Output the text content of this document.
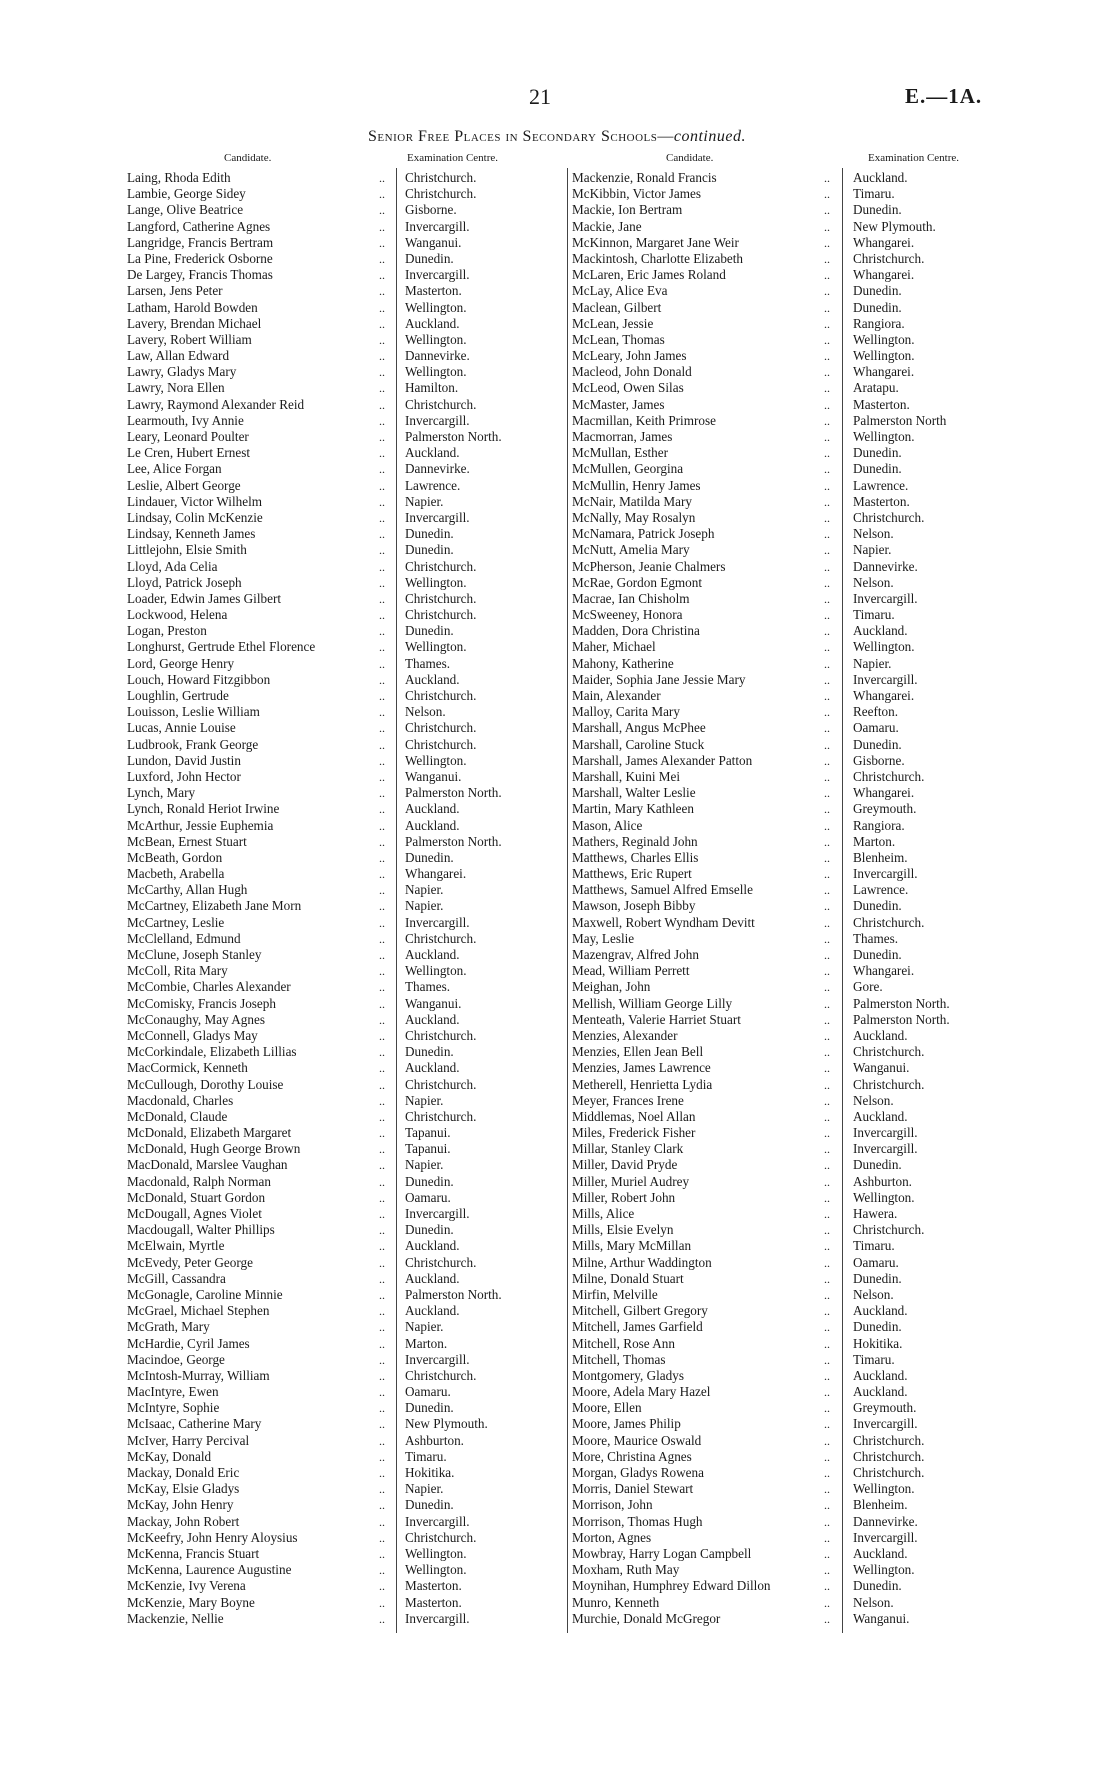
21	E.—1A.
Senior Free Places in Secondary Schools—continued.
Candidate.	Examination Centre.	Candidate.	Examination Centre.
Laing, Rhoda Edith	.. Christchurch.
Lambie, George Sidey	.. Christchurch.
Lange, Olive Beatrice	.. Gisborne.
Langford, Catherine Agnes	.. Invercargill.
Langridge, Francis Bertram	.. Wanganui.
La Pine, Frederick Osborne	.. Dunedin.
De Largey, Francis Thomas	.. Invercargill.
Larsen, Jens Peter	.. Masterton.
Latham, Harold Bowden	.. Wellington.
Lavery, Brendan Michael	.. Auckland.
Lavery, Robert William	.. Wellington.
Law, Allan Edward	.. Dannevirke.
Lawry, Gladys Mary	.. Wellington.
Lawry, Nora Ellen	.. Hamilton.
Lawry, Raymond Alexander Reid	.. Christchurch.
Learmouth, Ivy Annie	.. Invercargill.
Leary, Leonard Poulter	.. Palmerston North.
Le Cren, Hubert Ernest	.. Auckland.
Lee, Alice Forgan	.. Dannevirke.
Leslie, Albert George	.. Lawrence.
Lindauer, Victor Wilhelm	.. Napier.
Lindsay, Colin McKenzie	.. Invercargill.
Lindsay, Kenneth James	.. Dunedin.
Littlejohn, Elsie Smith	.. Dunedin.
Lloyd, Ada Celia	.. Christchurch.
Lloyd, Patrick Joseph	.. Wellington.
Loader, Edwin James Gilbert	.. Christchurch.
Lockwood, Helena	.. Christchurch.
Logan, Preston	.. Dunedin.
Longhurst, Gertrude Ethel Florence	.. Wellington.
Lord, George Henry	.. Thames.
Louch, Howard Fitzgibbon	.. Auckland.
Loughlin, Gertrude	.. Christchurch.
Louisson, Leslie William	.. Nelson.
Lucas, Annie Louise	.. Christchurch.
Ludbrook, Frank George	.. Christchurch.
Lundon, David Justin	.. Wellington.
Luxford, John Hector	.. Wanganui.
Lynch, Mary	.. Palmerston North.
Lynch, Ronald Heriot Irwine	.. Auckland.
McArthur, Jessie Euphemia	.. Auckland.
McBean, Ernest Stuart	.. Palmerston North.
McBeath, Gordon	.. Dunedin.
Macbeth, Arabella	.. Whangarei.
McCarthy, Allan Hugh	.. Napier.
McCartney, Elizabeth Jane Morn	.. Napier.
McCartney, Leslie	.. Invercargill.
McClelland, Edmund	.. Christchurch.
McClune, Joseph Stanley	.. Auckland.
McColl, Rita Mary	.. Wellington.
McCombie, Charles Alexander	.. Thames.
McComisky, Francis Joseph	.. Wanganui.
McConaughy, May Agnes	.. Auckland.
McConnell, Gladys May	.. Christchurch.
McCorkindale, Elizabeth Lillias	.. Dunedin.
MacCormick, Kenneth	.. Auckland.
McCullough, Dorothy Louise	.. Christchurch.
Macdonald, Charles	.. Napier.
McDonald, Claude	.. Christchurch.
McDonald, Elizabeth Margaret	.. Tapanui.
McDonald, Hugh George Brown	.. Tapanui.
MacDonald, Marslee Vaughan	.. Napier.
Macdonald, Ralph Norman	.. Dunedin.
McDonald, Stuart Gordon	.. Oamaru.
McDougall, Agnes Violet	.. Invercargill.
Macdougall, Walter Phillips	.. Dunedin.
McElwain, Myrtle	.. Auckland.
McEvedy, Peter George	.. Christchurch.
McGill, Cassandra	.. Auckland.
McGonagle, Caroline Minnie	.. Palmerston North.
McGrael, Michael Stephen	.. Auckland.
McGrath, Mary	.. Napier.
McHardie, Cyril James	.. Marton.
Macindoe, George	.. Invercargill.
McIntosh-Murray, William	.. Christchurch.
MacIntyre, Ewen	.. Oamaru.
McIntyre, Sophie	.. Dunedin.
McIsaac, Catherine Mary	.. New Plymouth.
McIver, Harry Percival	.. Ashburton.
McKay, Donald	.. Timaru.
Mackay, Donald Eric	.. Hokitika.
McKay, Elsie Gladys	.. Napier.
McKay, John Henry	.. Dunedin.
Mackay, John Robert	.. Invercargill.
McKeefry, John Henry Aloysius	.. Christchurch.
McKenna, Francis Stuart	.. Wellington.
McKenna, Laurence Augustine	.. Wellington.
McKenzie, Ivy Verena	.. Masterton.
McKenzie, Mary Boyne	.. Masterton.
Mackenzie, Nellie	.. Invercargill.
Mackenzie, Ronald Francis	.. Auckland.
McKibbin, Victor James	.. Timaru.
Mackie, Ion Bertram	.. Dunedin.
Mackie, Jane	.. New Plymouth.
McKinnon, Margaret Jane Weir	.. Whangarei.
Mackintosh, Charlotte Elizabeth	.. Christchurch.
McLaren, Eric James Roland	.. Whangarei.
McLay, Alice Eva	.. Dunedin.
Maclean, Gilbert	.. Dunedin.
McLean, Jessie	.. Rangiora.
McLean, Thomas	.. Wellington.
McLeary, John James	.. Wellington.
Macleod, John Donald	.. Whangarei.
McLeod, Owen Silas	.. Aratapu.
McMaster, James	.. Masterton.
Macmillan, Keith Primrose	.. Palmerston North
Macmorran, James	.. Wellington.
McMullan, Esther	.. Dunedin.
McMullen, Georgina	.. Dunedin.
McMullin, Henry James	.. Lawrence.
McNair, Matilda Mary	.. Masterton.
McNally, May Rosalyn	.. Christchurch.
McNamara, Patrick Joseph	.. Nelson.
McNutt, Amelia Mary	.. Napier.
McPherson, Jeanie Chalmers	.. Dannevirke.
McRae, Gordon Egmont	.. Nelson.
Macrae, Ian Chisholm	.. Invercargill.
McSweeney, Honora	.. Timaru.
Madden, Dora Christina	.. Auckland.
Maher, Michael	.. Wellington.
Mahony, Katherine	.. Napier.
Maider, Sophia Jane Jessie Mary	.. Invercargill.
Main, Alexander	.. Whangarei.
Malloy, Carita Mary	.. Reefton.
Marshall, Angus McPhee	.. Oamaru.
Marshall, Caroline Stuck	.. Dunedin.
Marshall, James Alexander Patton	.. Gisborne.
Marshall, Kuini Mei	.. Christchurch.
Marshall, Walter Leslie	.. Whangarei.
Martin, Mary Kathleen	.. Greymouth.
Mason, Alice	.. Rangiora.
Mathers, Reginald John	.. Marton.
Matthews, Charles Ellis	.. Blenheim.
Matthews, Eric Rupert	.. Invercargill.
Matthews, Samuel Alfred Emselle	.. Lawrence.
Mawson, Joseph Bibby	.. Dunedin.
Maxwell, Robert Wyndham Devitt	.. Christchurch.
May, Leslie	.. Thames.
Mazengrav, Alfred John	.. Dunedin.
Mead, William Perrett	.. Whangarei.
Meighan, John	.. Gore.
Mellish, William George Lilly	.. Palmerston North.
Menteath, Valerie Harriet Stuart	.. Palmerston North.
Menzies, Alexander	.. Auckland.
Menzies, Ellen Jean Bell	.. Christchurch.
Menzies, James Lawrence	.. Wanganui.
Metherell, Henrietta Lydia	.. Christchurch.
Meyer, Frances Irene	.. Nelson.
Middlemas, Noel Allan	.. Auckland.
Miles, Frederick Fisher	.. Invercargill.
Millar, Stanley Clark	.. Invercargill.
Miller, David Pryde	.. Dunedin.
Miller, Muriel Audrey	.. Ashburton.
Miller, Robert John	.. Wellington.
Mills, Alice	.. Hawera.
Mills, Elsie Evelyn	.. Christchurch.
Mills, Mary McMillan	.. Timaru.
Milne, Arthur Waddington	.. Oamaru.
Milne, Donald Stuart	.. Dunedin.
Mirfin, Melville	.. Nelson.
Mitchell, Gilbert Gregory	.. Auckland.
Mitchell, James Garfield	.. Dunedin.
Mitchell, Rose Ann	.. Hokitika.
Mitchell, Thomas	.. Timaru.
Montgomery, Gladys	.. Auckland.
Moore, Adela Mary Hazel	.. Auckland.
Moore, Ellen	.. Greymouth.
Moore, James Philip	.. Invercargill.
Moore, Maurice Oswald	.. Christchurch.
More, Christina Agnes	.. Christchurch.
Morgan, Gladys Rowena	.. Christchurch.
Morris, Daniel Stewart	.. Wellington.
Morrison, John	.. Blenheim.
Morrison, Thomas Hugh	.. Dannevirke.
Morton, Agnes	.. Invercargill.
Mowbray, Harry Logan Campbell	.. Auckland.
Moxham, Ruth May	.. Wellington.
Moynihan, Humphrey Edward Dillon	.. Dunedin.
Munro, Kenneth	.. Nelson.
Murchie, Donald McGregor	.. Wanganui.
